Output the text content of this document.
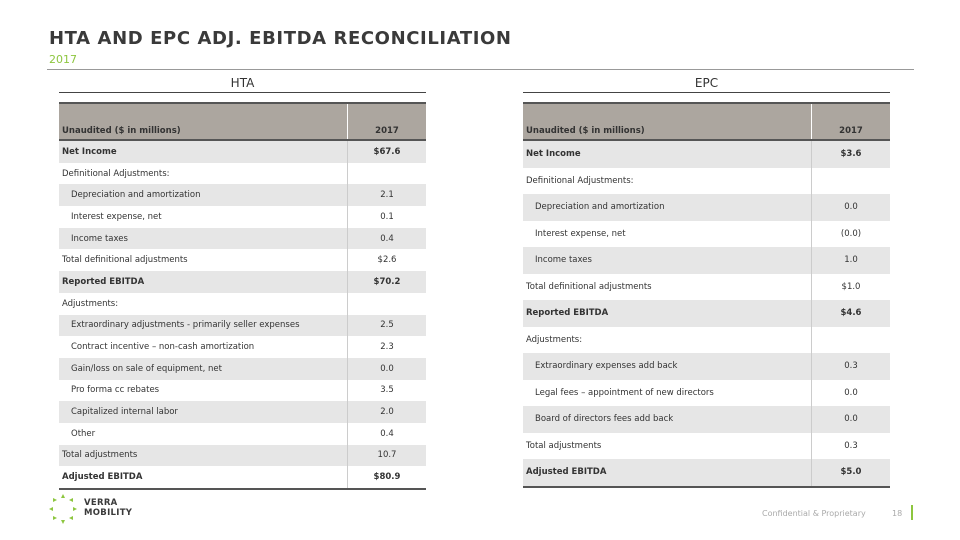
HTA AND EPC ADJ. EBITDA RECONCILIATION
2017
HTA
Unaudited ($ in millions)	2017
Net Income	$67.6
Definitional Adjustments:	
Depreciation and amortization	2.1
Interest expense, net	0.1
Income taxes	0.4
Total definitional adjustments	$2.6
Reported EBITDA	$70.2
Adjustments:	
Extraordinary adjustments - primarily seller expenses	2.5
Contract incentive – non-cash amortization	2.3
Gain/loss on sale of equipment, net	0.0
Pro forma cc rebates	3.5
Capitalized internal labor	2.0
Other	0.4
Total adjustments	10.7
Adjusted EBITDA	$80.9
EPC
Unaudited ($ in millions)	2017
Net Income	$3.6
Definitional Adjustments:	
Depreciation and amortization	0.0
Interest expense, net	(0.0)
Income taxes	1.0
Total definitional adjustments	$1.0
Reported EBITDA	$4.6
Adjustments:	
Extraordinary expenses add back	0.3
Legal fees – appointment of new directors	0.0
Board of directors fees add back	0.0
Total adjustments	0.3
Adjusted EBITDA	$5.0
VERRA
MOBILITY	Confidential & Proprietary	18
